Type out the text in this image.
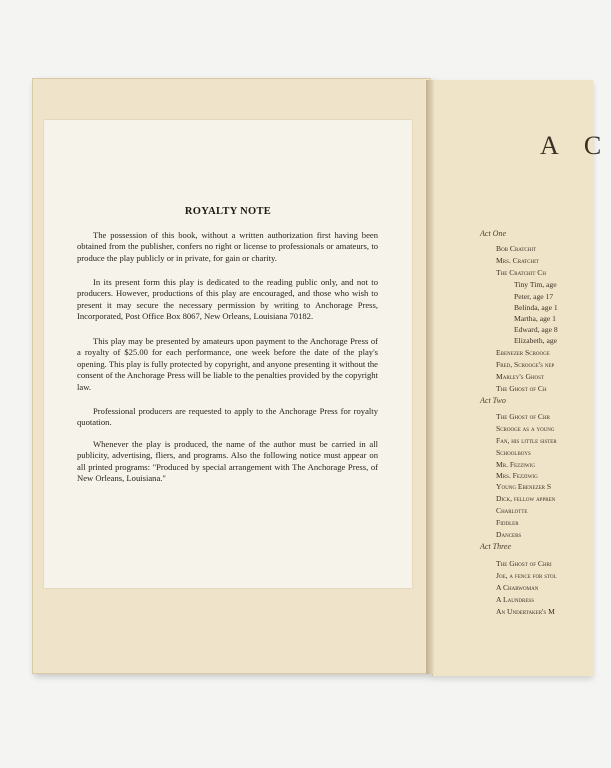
ROYALTY NOTE
The possession of this book, without a written authorization first having been obtained from the publisher, confers no right or license to professionals or amateurs, to produce the play publicly or in private, for gain or charity.
In its present form this play is dedicated to the reading public only, and not to producers. However, productions of this play are encouraged, and those who wish to present it may secure the necessary permission by writing to Anchorage Press, Incorporated, Post Office Box 8067, New Orleans, Louisiana 70182.
This play may be presented by amateurs upon payment to the Anchorage Press of a royalty of $25.00 for each performance, one week before the date of the play's opening. This play is fully protected by copyright, and anyone presenting it without the consent of the Anchorage Press will be liable to the penalties provided by the copyright law.
Professional producers are requested to apply to the Anchorage Press for royalty quotation.
Whenever the play is produced, the name of the author must be carried in all publicity, advertising, fliers, and programs. Also the following notice must appear on all printed programs: "Produced by special arrangement with The Anchorage Press, of New Orleans, Louisiana."
A C
Act One
Bob Cratchit
Mrs. Cratchit
The Cratchit Ch
Tiny Tim, age
Peter, age 17
Belinda, age 1
Martha, age 1
Edward, age 8
Elizabeth, age
Ebenezer Scrooge
Fred, Scrooge's nep
Marley's Ghost
The Ghost of Ch
Act Two
The Ghost of Chr
Scrooge as a young
Fan, his little sister
Schoolboys
Mr. Fezziwig
Mrs. Fezziwig
Young Ebenezer S
Dick, fellow appren
Charlotte
Fiddler
Dancers
Act Three
The Ghost of Chri
Joe, a fence for stol
A Charwoman
A Laundress
An Undertaker's M
